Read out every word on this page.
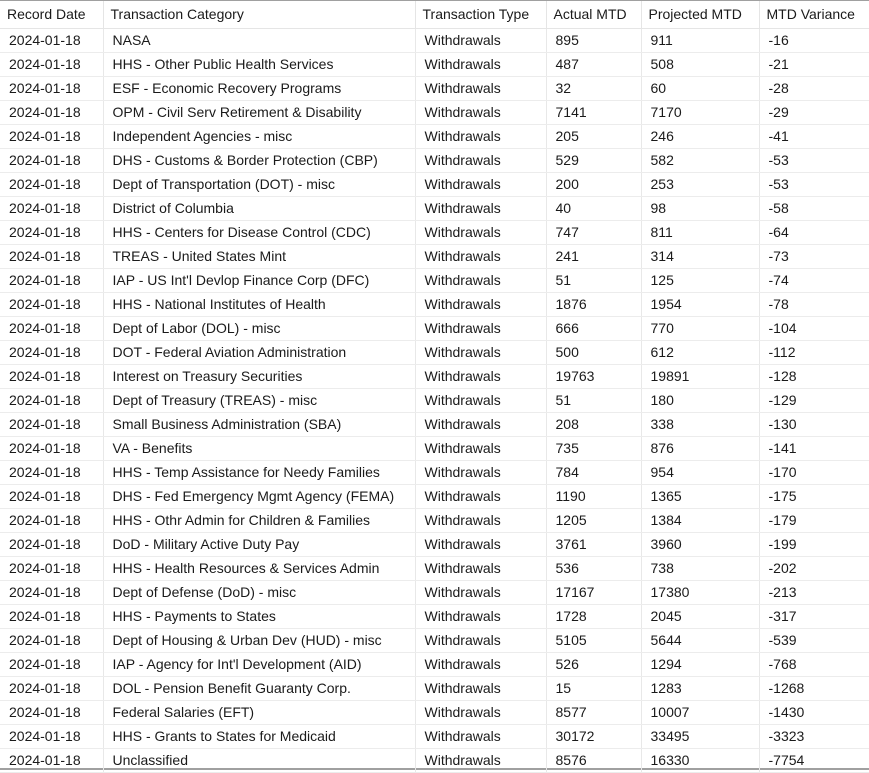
Record Date	Transaction Category	Transaction Type	Actual MTD	Projected MTD	MTD Variance
2024-01-18	NASA	Withdrawals	895	911	-16
2024-01-18	HHS - Other Public Health Services	Withdrawals	487	508	-21
2024-01-18	ESF - Economic Recovery Programs	Withdrawals	32	60	-28
2024-01-18	OPM - Civil Serv Retirement & Disability	Withdrawals	7141	7170	-29
2024-01-18	Independent Agencies - misc	Withdrawals	205	246	-41
2024-01-18	DHS - Customs & Border Protection (CBP)	Withdrawals	529	582	-53
2024-01-18	Dept of Transportation (DOT) - misc	Withdrawals	200	253	-53
2024-01-18	District of Columbia	Withdrawals	40	98	-58
2024-01-18	HHS - Centers for Disease Control (CDC)	Withdrawals	747	811	-64
2024-01-18	TREAS - United States Mint	Withdrawals	241	314	-73
2024-01-18	IAP - US Int'l Devlop Finance Corp (DFC)	Withdrawals	51	125	-74
2024-01-18	HHS - National Institutes of Health	Withdrawals	1876	1954	-78
2024-01-18	Dept of Labor (DOL) - misc	Withdrawals	666	770	-104
2024-01-18	DOT - Federal Aviation Administration	Withdrawals	500	612	-112
2024-01-18	Interest on Treasury Securities	Withdrawals	19763	19891	-128
2024-01-18	Dept of Treasury (TREAS) - misc	Withdrawals	51	180	-129
2024-01-18	Small Business Administration (SBA)	Withdrawals	208	338	-130
2024-01-18	VA - Benefits	Withdrawals	735	876	-141
2024-01-18	HHS - Temp Assistance for Needy Families	Withdrawals	784	954	-170
2024-01-18	DHS - Fed Emergency Mgmt Agency (FEMA)	Withdrawals	1190	1365	-175
2024-01-18	HHS - Othr Admin for Children & Families	Withdrawals	1205	1384	-179
2024-01-18	DoD - Military Active Duty Pay	Withdrawals	3761	3960	-199
2024-01-18	HHS - Health Resources & Services Admin	Withdrawals	536	738	-202
2024-01-18	Dept of Defense (DoD) - misc	Withdrawals	17167	17380	-213
2024-01-18	HHS - Payments to States	Withdrawals	1728	2045	-317
2024-01-18	Dept of Housing & Urban Dev (HUD) - misc	Withdrawals	5105	5644	-539
2024-01-18	IAP - Agency for Int'l Development (AID)	Withdrawals	526	1294	-768
2024-01-18	DOL - Pension Benefit Guaranty Corp.	Withdrawals	15	1283	-1268
2024-01-18	Federal Salaries (EFT)	Withdrawals	8577	10007	-1430
2024-01-18	HHS - Grants to States for Medicaid	Withdrawals	30172	33495	-3323
2024-01-18	Unclassified	Withdrawals	8576	16330	-7754
